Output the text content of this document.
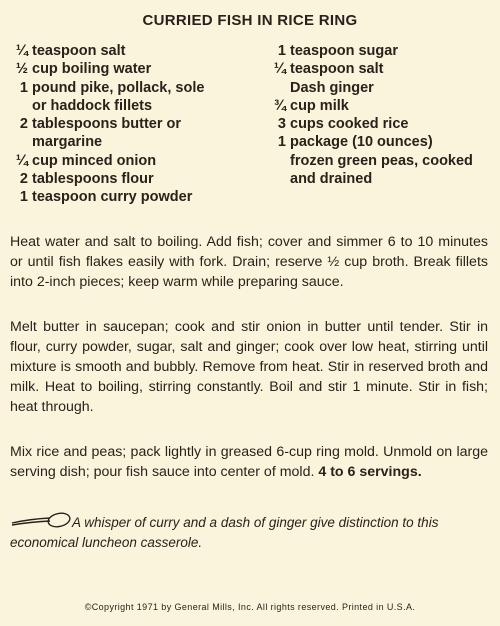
CURRIED FISH IN RICE RING
¼ teaspoon salt
½ cup boiling water
1 pound pike, pollack, sole
or haddock fillets
2 tablespoons butter or
margarine
¼ cup minced onion
2 tablespoons flour
1 teaspoon curry powder
1 teaspoon sugar
¼ teaspoon salt
Dash ginger
¾ cup milk
3 cups cooked rice
1 package (10 ounces)
frozen green peas, cooked
and drained

Heat water and salt to boiling. Add fish; cover and simmer 6 to 10 minutes or until fish flakes easily with fork. Drain; reserve ½ cup broth. Break fillets into 2-inch pieces; keep warm while preparing sauce.

Melt butter in saucepan; cook and stir onion in butter until tender. Stir in flour, curry powder, sugar, salt and ginger; cook over low heat, stirring until mixture is smooth and bubbly. Remove from heat. Stir in reserved broth and milk. Heat to boiling, stirring constantly. Boil and stir 1 minute. Stir in fish; heat through.

Mix rice and peas; pack lightly in greased 6-cup ring mold. Unmold on large serving dish; pour fish sauce into center of mold. 4 to 6 servings.

A whisper of curry and a dash of ginger give distinction to this economical luncheon casserole.
©Copyright 1971 by General Mills, Inc. All rights reserved. Printed in U.S.A.
